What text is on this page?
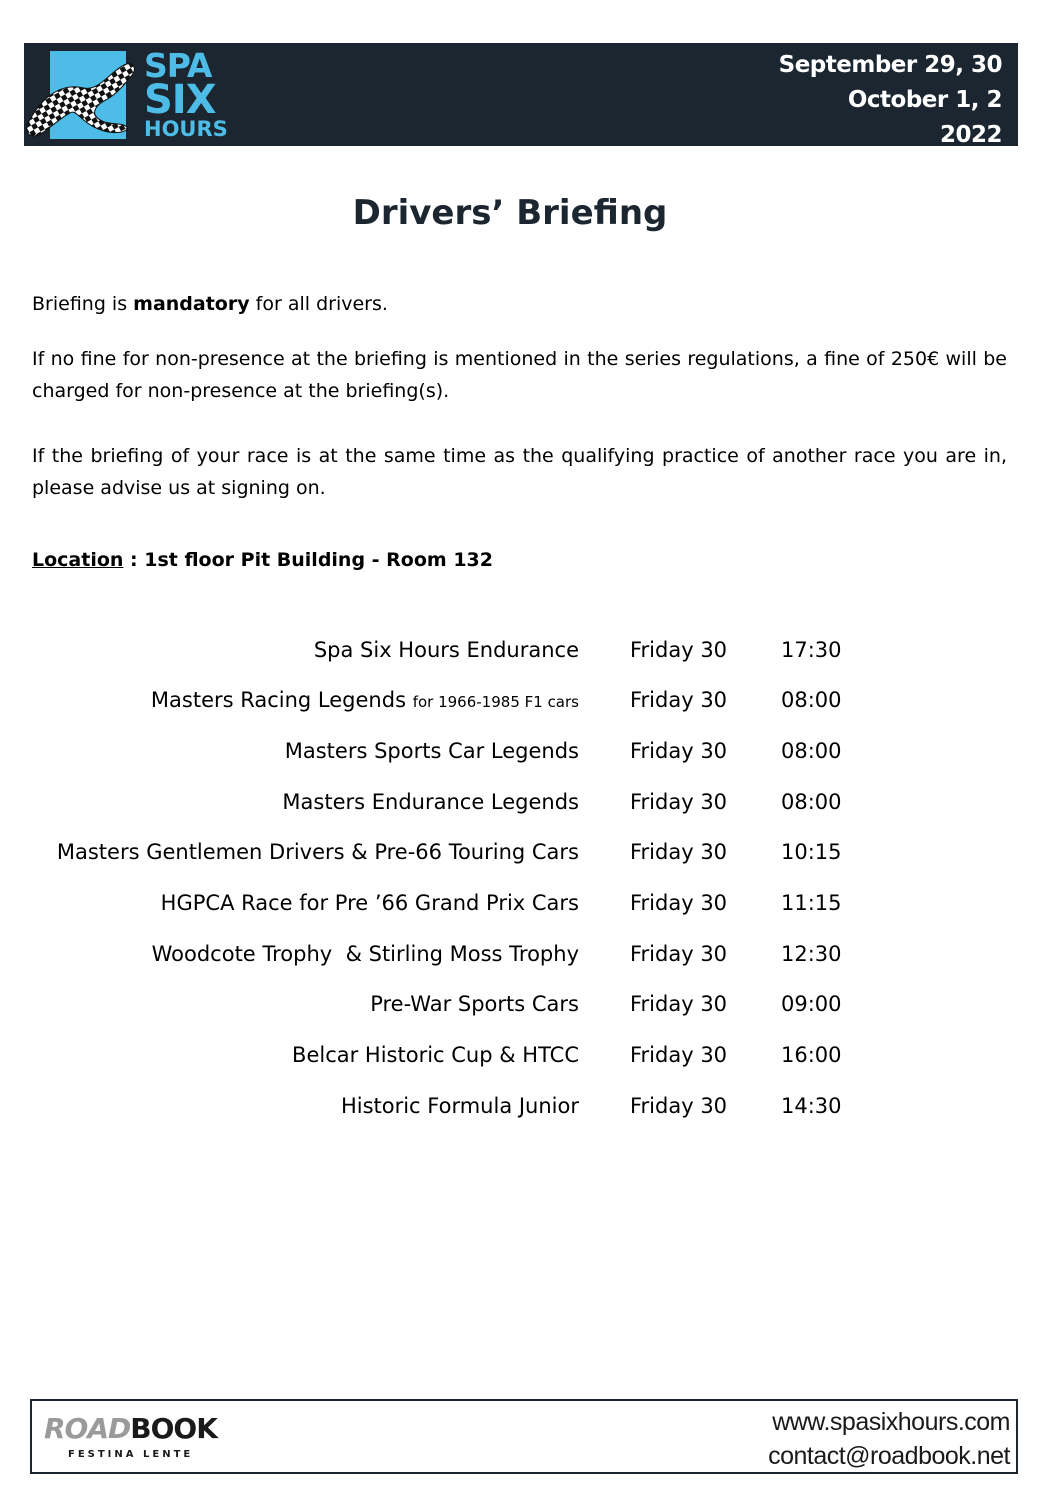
SPA
SIX
HOURS
September 29, 30
October 1, 2
2022
Drivers’ Briefing

Briefing is mandatory for all drivers.

If no fine for non-presence at the briefing is mentioned in the series regulations, a fine of 250€ will be charged for non-presence at the briefing(s).

If the briefing of your race is at the same time as the qualifying practice of another race you are in, please advise us at signing on.

Location : 1st floor Pit Building - Room 132
Spa Six Hours Endurance Friday 30	17:30
Masters Racing Legends for 1966-1985 F1 cars Friday 30	08:00
Masters Sports Car Legends Friday 30	08:00
Masters Endurance Legends Friday 30	08:00
Masters Gentlemen Drivers & Pre-66 Touring Cars Friday 30	10:15
HGPCA Race for Pre ’66 Grand Prix Cars Friday 30	11:15
Woodcote Trophy  & Stirling Moss Trophy Friday 30	12:30
Pre-War Sports Cars Friday 30	09:00
Belcar Historic Cup & HTCC Friday 30	16:00
Historic Formula Junior Friday 30	14:30
ROADBOOK
FESTINA LENTE
www.spasixhours.com
contact@roadbook.net
